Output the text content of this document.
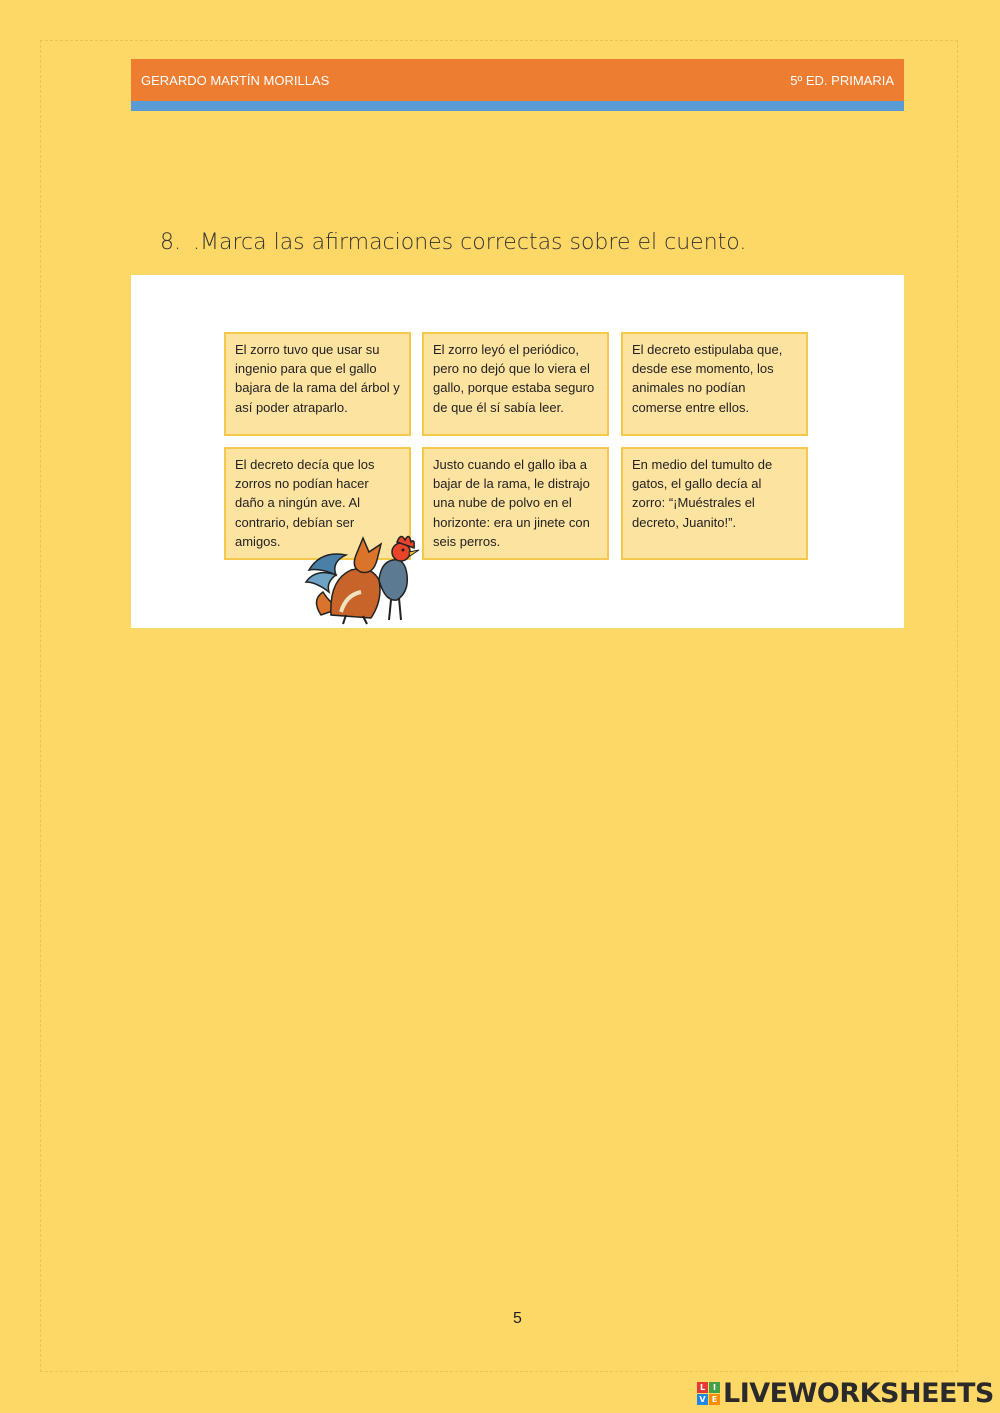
GERARDO MARTÍN MORILLAS	5º ED. PRIMARIA
8. .Marca las afirmaciones correctas sobre el cuento.
El zorro tuvo que usar su ingenio para que el gallo bajara de la rama del árbol y así poder atraparlo.
El zorro leyó el periódico, pero no dejó que lo viera el gallo, porque estaba seguro de que él sí sabía leer.
El decreto estipulaba que, desde ese momento, los animales no podían comerse entre ellos.
El decreto decía que los zorros no podían hacer daño a ningún ave. Al contrario, debían ser amigos.
Justo cuando el gallo iba a bajar de la rama, le distrajo una nube de polvo en el horizonte: era un jinete con seis perros.
En medio del tumulto de gatos, el gallo decía al zorro: “¡Muéstrales el decreto, Juanito!”.
5
L I
V E LIVEWORKSHEETS
